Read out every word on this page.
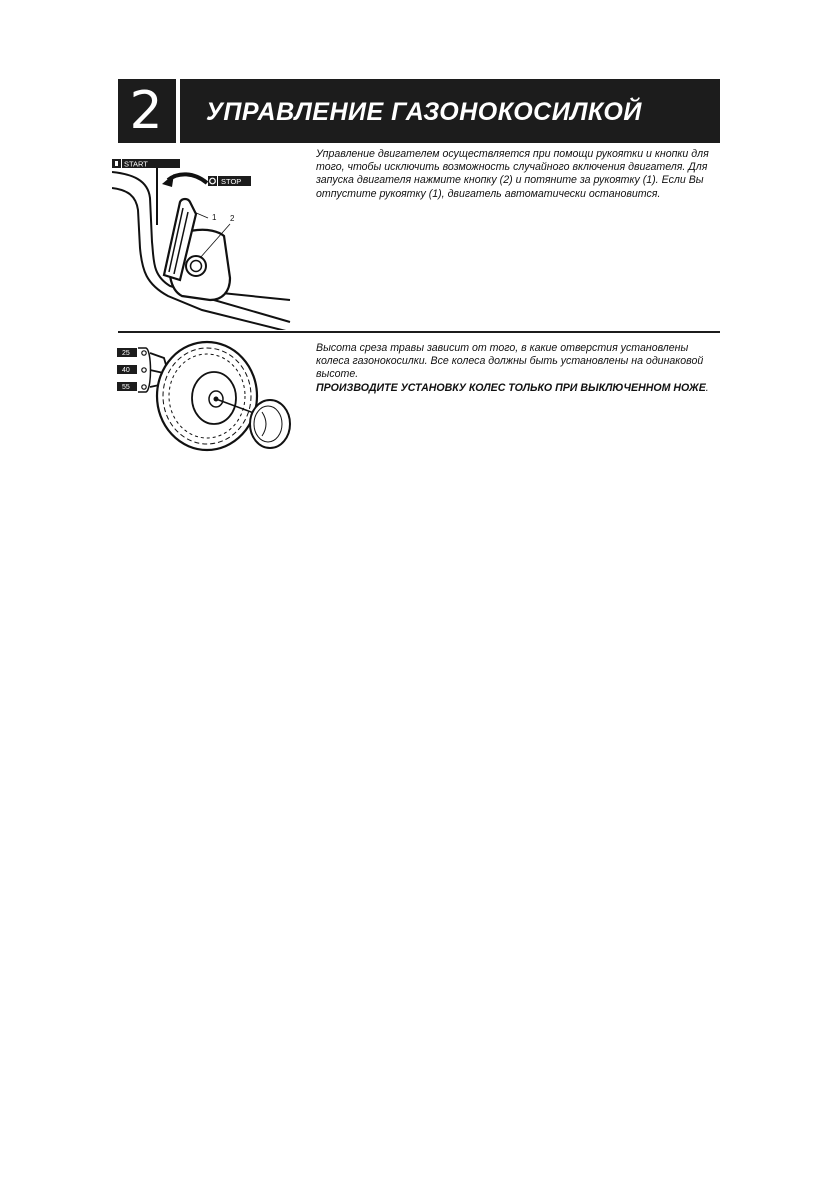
2	УПРАВЛЕНИЕ ГАЗОНОКОСИЛКОЙ
START
STOP
1 2
Управление двигателем осуществляется при помощи рукоятки и кнопки для того, чтобы исключить возможность случайного включения двигателя. Для запуска двигателя нажмите кнопку (2) и потяните за рукоятку (1). Если Вы отпустите рукоятку (1), двигатель автоматически остановится.
25
40
55
Высота среза травы зависит от того, в какие отверстия установлены колеса газонокосилки. Все колеса должны быть установлены на одинаковой высоте.
ПРОИЗВОДИТЕ УСТАНОВКУ КОЛЕС ТОЛЬКО ПРИ ВЫКЛЮЧЕННОМ НОЖЕ.
